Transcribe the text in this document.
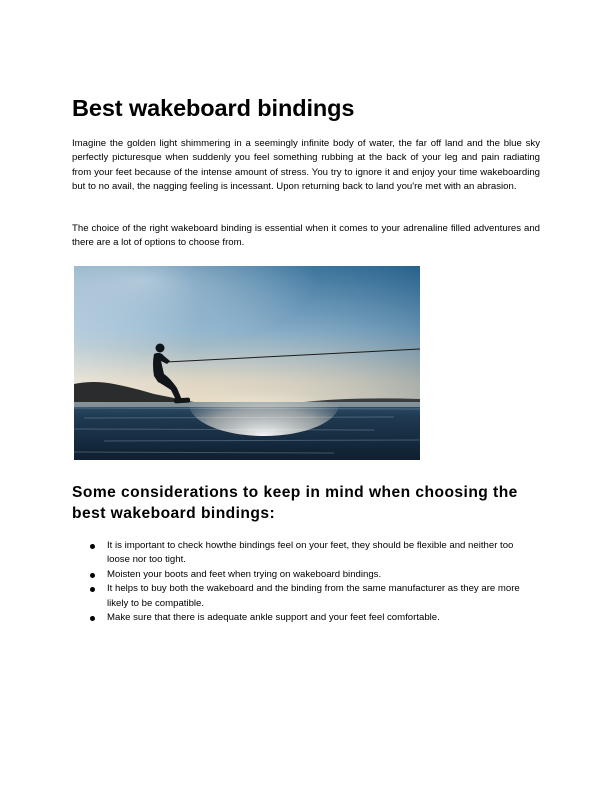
Best wakeboard bindings

Imagine the golden light shimmering in a seemingly infinite body of water, the far off land and the blue sky perfectly picturesque when suddenly you feel something rubbing at the back of your leg and pain radiating from your feet because of the intense amount of stress. You try to ignore it and enjoy your time wakeboarding but to no avail, the nagging feeling is incessant. Upon returning back to land you're met with an abrasion.

The choice of the right wakeboard binding is essential when it comes to your adrenaline filled adventures and there are a lot of options to choose from.

Some considerations to keep in mind when choosing the best wakeboard bindings:
It is important to check howthe bindings feel on your feet, they should be flexible and neither too loose nor too tight.
Moisten your boots and feet when trying on wakeboard bindings.
It helps to buy both the wakeboard and the binding from the same manufacturer as they are more likely to be compatible.
Make sure that there is adequate ankle support and your feet feel comfortable.
